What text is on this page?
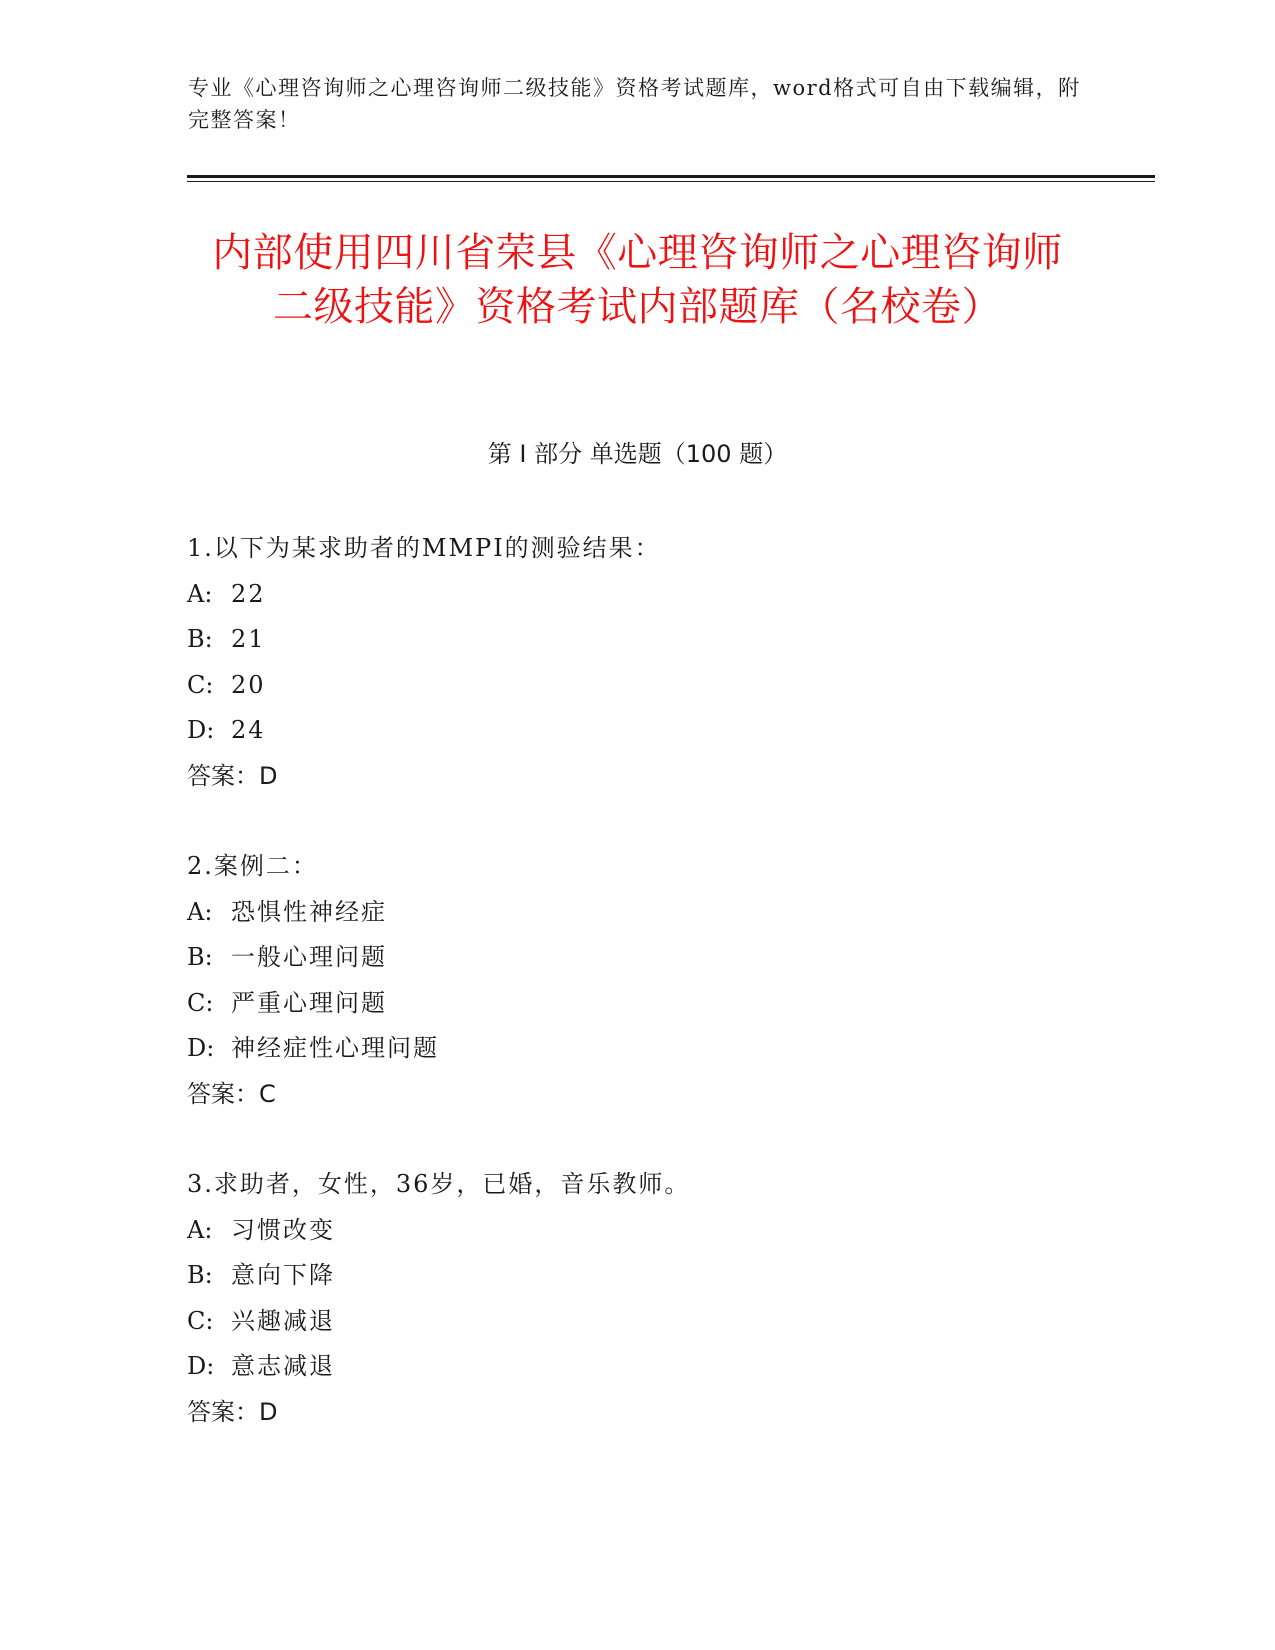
专业《心理咨询师之心理咨询师二级技能》资格考试题库，word格式可自由下载编辑，附完整答案！
内部使用四川省荣县《心理咨询师之心理咨询师二级技能》资格考试内部题库（名校卷）
第 I 部分 单选题（100 题）
1.以下为某求助者的MMPI的测验结果：
A: 22
B: 21
C: 20
D: 24
答案：D
2.案例二：
A: 恐惧性神经症
B: 一般心理问题
C: 严重心理问题
D: 神经症性心理问题
答案：C
3.求助者，女性，36岁，已婚，音乐教师。
A: 习惯改变
B: 意向下降
C: 兴趣减退
D: 意志减退
答案：D
